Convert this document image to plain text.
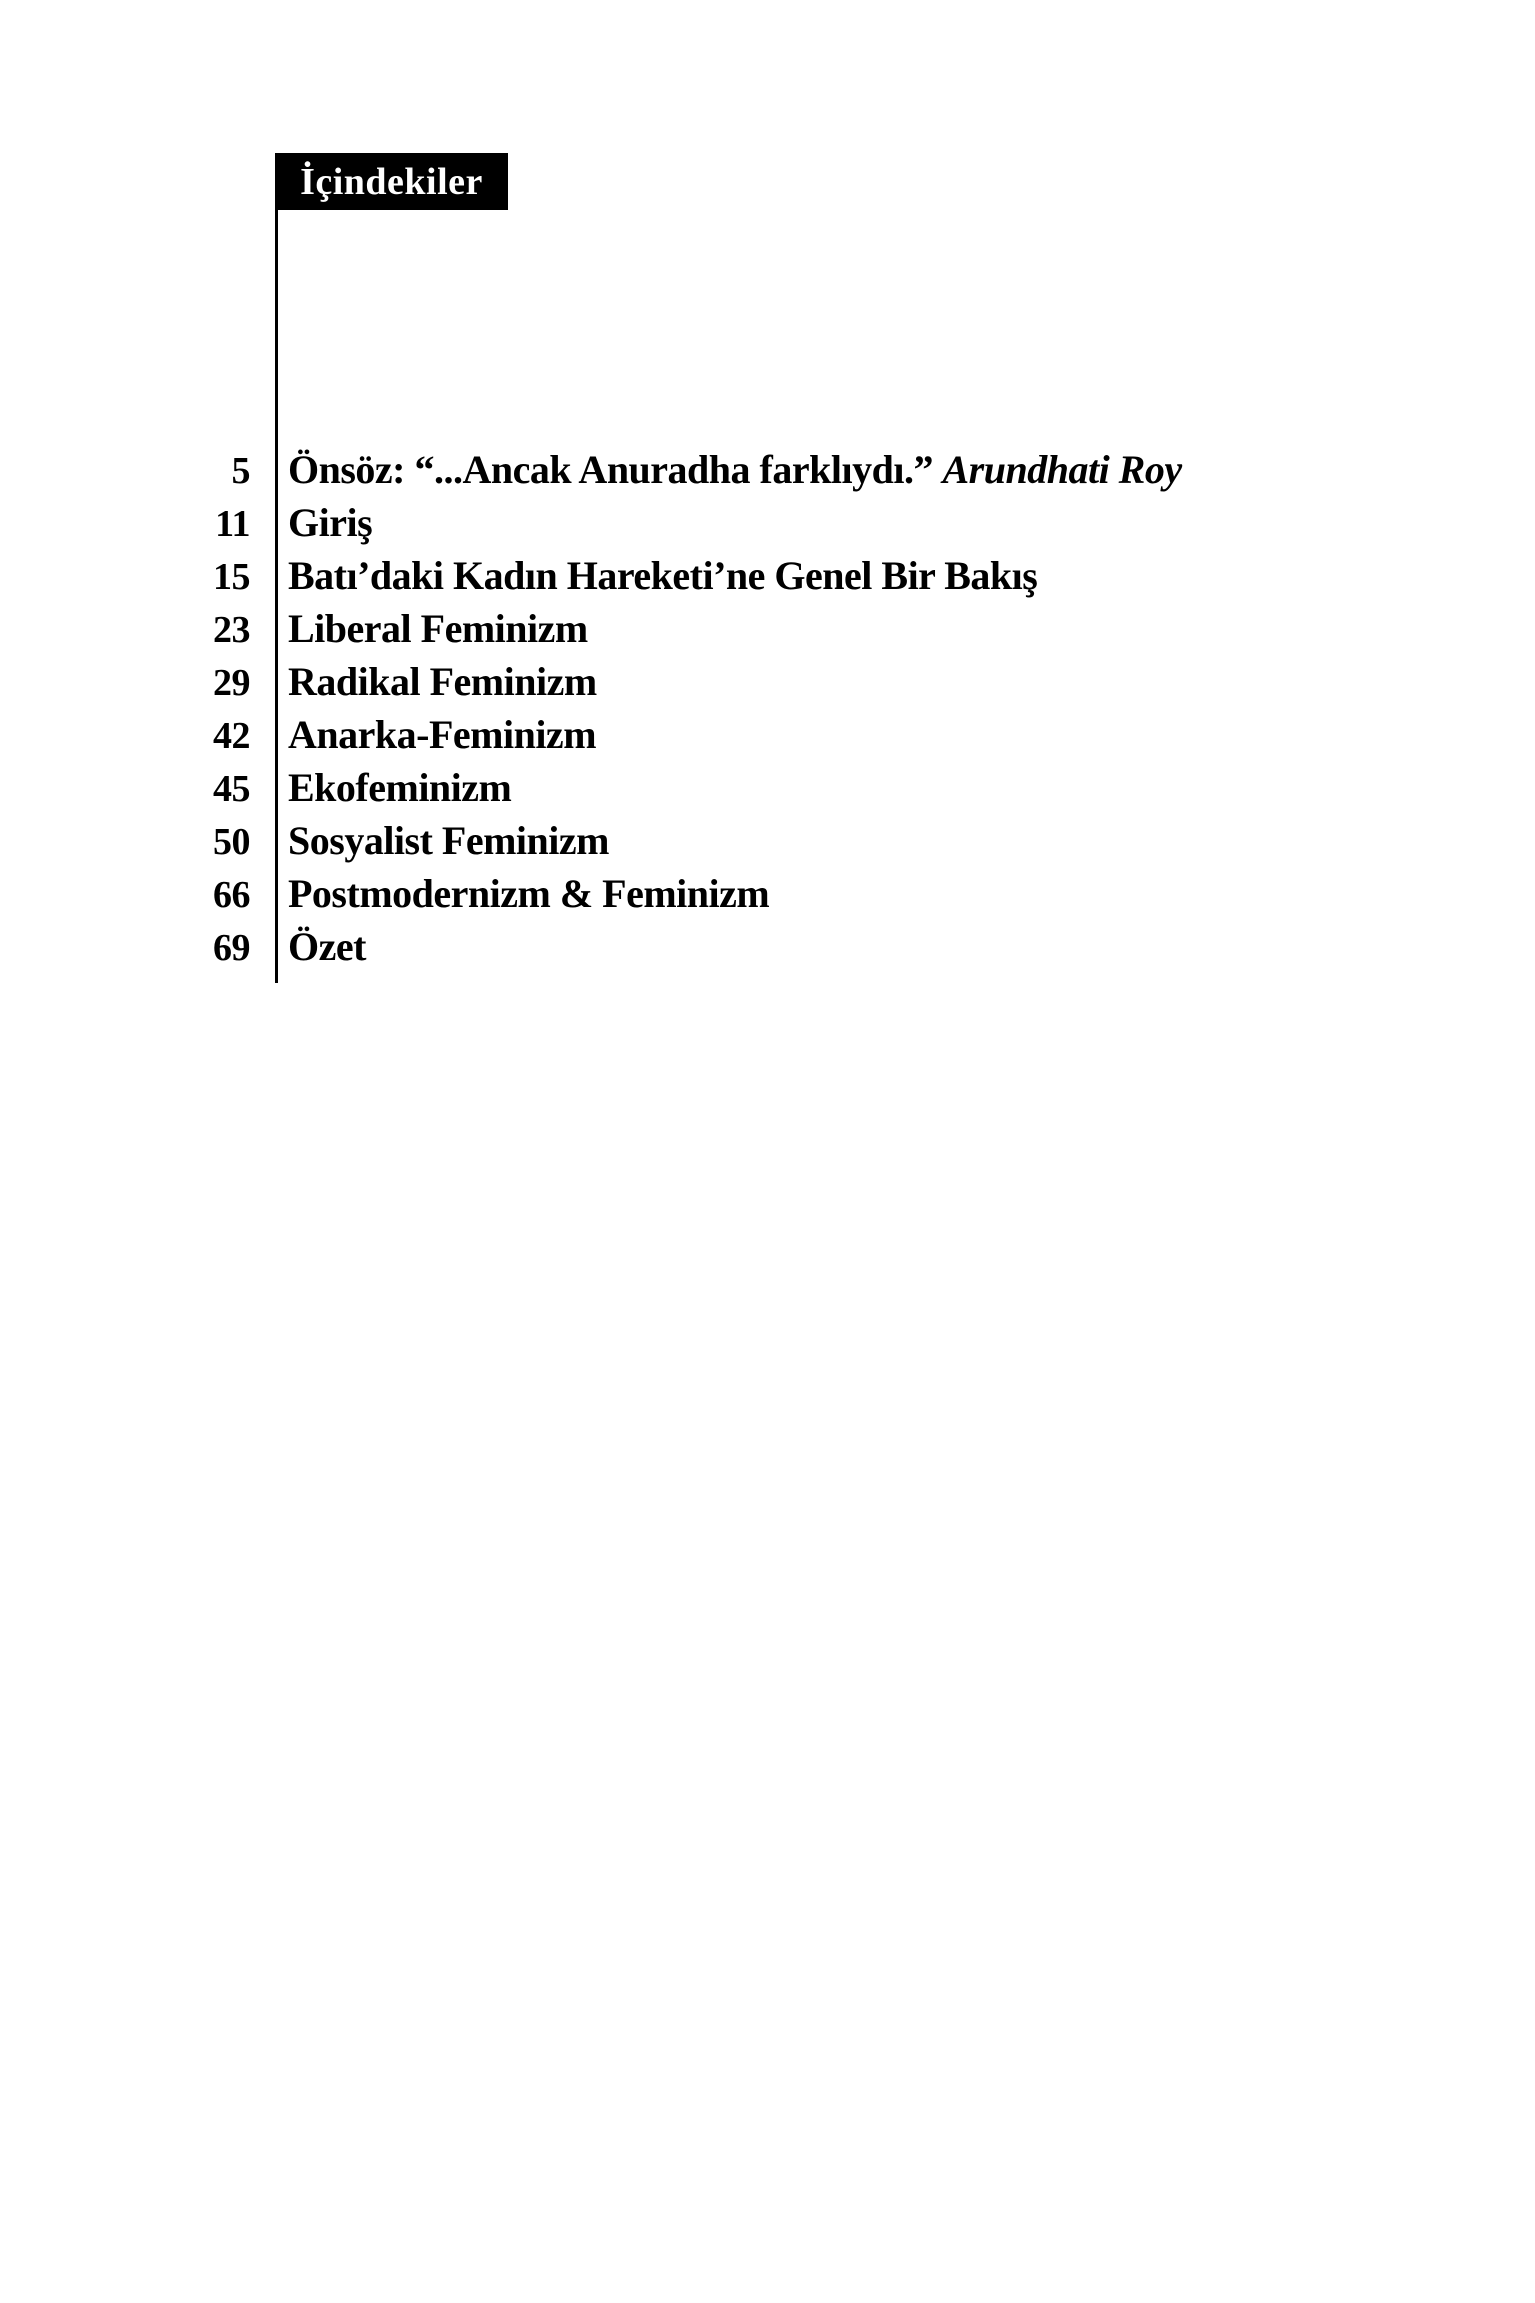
İçindekiler
5 Önsöz: “...Ancak Anuradha farklıydı.” Arundhati Roy
11 Giriş
15 Batı’daki Kadın Hareketi’ne Genel Bir Bakış
23 Liberal Feminizm
29 Radikal Feminizm
42 Anarka-Feminizm
45 Ekofeminizm
50 Sosyalist Feminizm
66 Postmodernizm & Feminizm
69 Özet
